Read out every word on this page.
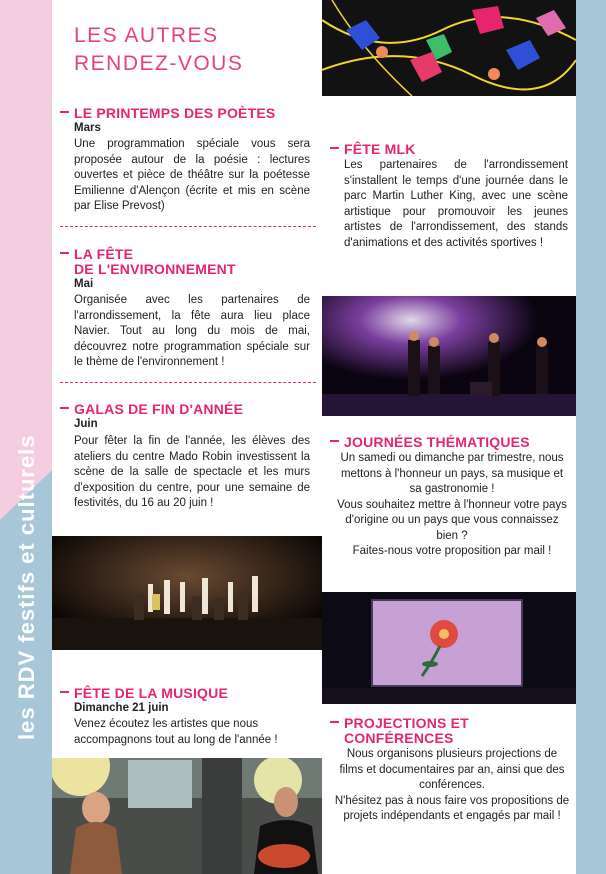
les RDV festifs et culturels
LES AUTRES
RENDEZ-VOUS
LE PRINTEMPS DES POÈTES
Mars
Une programmation spéciale vous sera proposée autour de la poésie : lectures ouvertes et pièce de théâtre sur la poétesse Emilienne d'Alençon (écrite et mis en scène par Elise Prevost)
LA FÊTE
DE L'ENVIRONNEMENT
Mai
Organisée avec les partenaires de l'arrondissement, la fête aura lieu place Navier. Tout au long du mois de mai, découvrez notre programmation spéciale sur le thème de l'environnement !
GALAS DE FIN D'ANNÉE
Juin
Pour fêter la fin de l'année, les élèves des ateliers du centre Mado Robin investissent la scène de la salle de spectacle et les murs d'exposition du centre, pour une semaine de festivités, du 16 au 20 juin !
FÊTE DE LA MUSIQUE
Dimanche 21 juin
Venez écoutez les artistes que nous accompagnons tout au long de l'année !
FÊTE MLK
Les partenaires de l'arrondissement s'installent le temps d'une journée dans le parc Martin Luther King, avec une scène artistique pour promouvoir les jeunes artistes de l'arrondissement, des stands d'animations et des activités sportives !
JOURNÉES THÉMATIQUES
Un samedi ou dimanche par trimestre, nous mettons à l'honneur un pays, sa musique et sa gastronomie !
Vous souhaitez mettre à l'honneur votre pays d'origine ou un pays que vous connaissez bien ?
Faites-nous votre proposition par mail !
PROJECTIONS ET
CONFÉRENCES
Nous organisons plusieurs projections de films et documentaires par an, ainsi que des conférences.
N'hésitez pas à nous faire vos propositions de projets indépendants et engagés par mail !
